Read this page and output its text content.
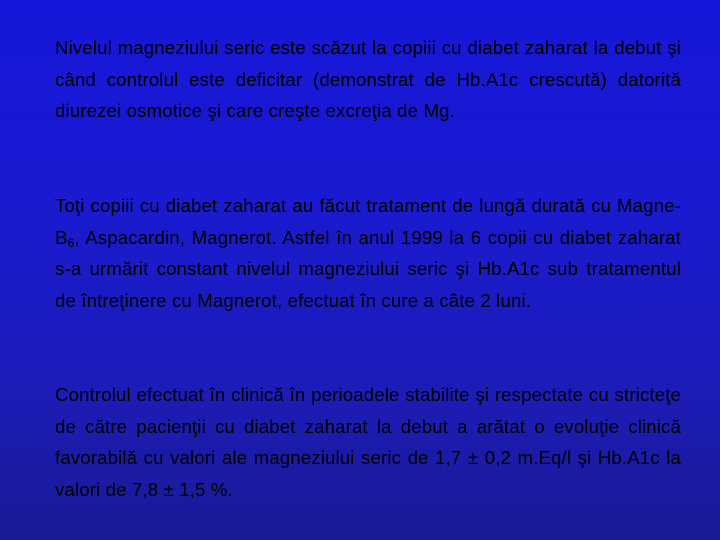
Nivelul magneziului seric este scăzut la copiii cu diabet zaharat la debut şi când controlul este deficitar (demonstrat de Hb.A1c crescută) datorită diurezei osmotice şi care creşte excreţia de Mg.

Toţi copiii cu diabet zaharat au făcut tratament de lungă durată cu Magne-$B_6$, Aspacardin, Magnerot. Astfel în anul 1999 la 6 copii cu diabet zaharat s-a urmărit constant nivelul magneziului seric şi Hb.A1c sub tratamentul de întreţinere cu Magnerot, efectuat în cure a câte 2 luni.

Controlul efectuat în clinică în perioadele stabilite şi respectate cu stricteţe de către pacienţii cu diabet zaharat la debut a arătat o evoluţie clinică favorabilă cu valori ale magneziului seric de 1,7 ± 0,2 m.Eq/l şi Hb.A1c la valori de 7,8 ± 1,5 %.
